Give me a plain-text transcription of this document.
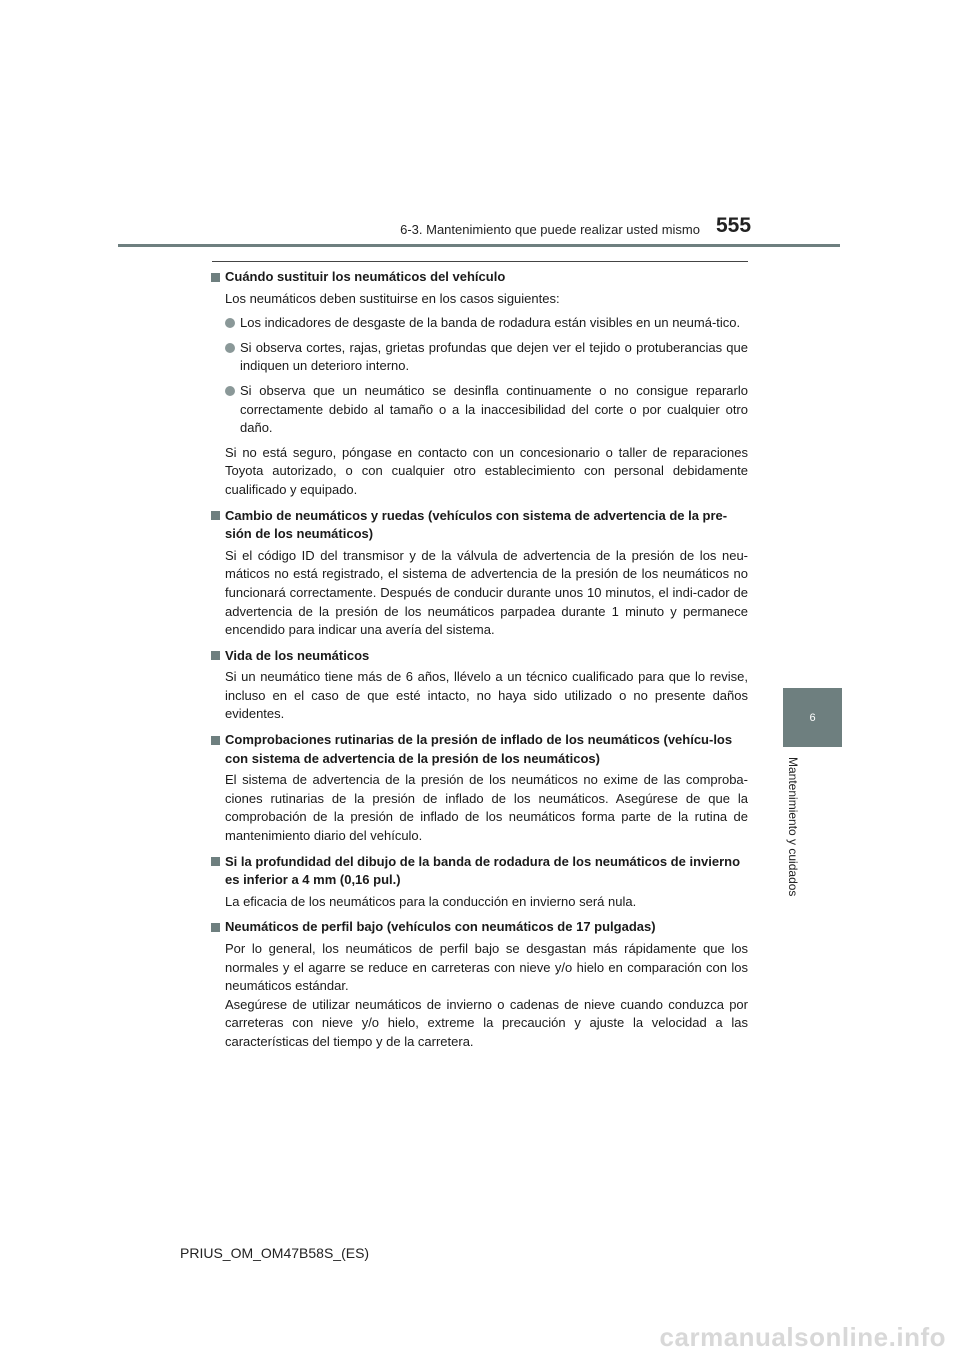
6-3. Mantenimiento que puede realizar usted mismo 555
6
Mantenimiento y cuidados
Cuándo sustituir los neumáticos del vehículo
Los neumáticos deben sustituirse en los casos siguientes:
Los indicadores de desgaste de la banda de rodadura están visibles en un neumá-tico.
Si observa cortes, rajas, grietas profundas que dejen ver el tejido o protuberancias que indiquen un deterioro interno.
Si observa que un neumático se desinfla continuamente o no consigue repararlo correctamente debido al tamaño o a la inaccesibilidad del corte o por cualquier otro daño.
Si no está seguro, póngase en contacto con un concesionario o taller de reparaciones Toyota autorizado, o con cualquier otro establecimiento con personal debidamente cualificado y equipado.
Cambio de neumáticos y ruedas (vehículos con sistema de advertencia de la pre-sión de los neumáticos)
Si el código ID del transmisor y de la válvula de advertencia de la presión de los neu-máticos no está registrado, el sistema de advertencia de la presión de los neumáticos no funcionará correctamente. Después de conducir durante unos 10 minutos, el indi-cador de advertencia de la presión de los neumáticos parpadea durante 1 minuto y permanece encendido para indicar una avería del sistema.
Vida de los neumáticos
Si un neumático tiene más de 6 años, llévelo a un técnico cualificado para que lo revise, incluso en el caso de que esté intacto, no haya sido utilizado o no presente daños evidentes.
Comprobaciones rutinarias de la presión de inflado de los neumáticos (vehícu-los con sistema de advertencia de la presión de los neumáticos)
El sistema de advertencia de la presión de los neumáticos no exime de las comproba-ciones rutinarias de la presión de inflado de los neumáticos. Asegúrese de que la comprobación de la presión de inflado de los neumáticos forma parte de la rutina de mantenimiento diario del vehículo.
Si la profundidad del dibujo de la banda de rodadura de los neumáticos de invierno es inferior a 4 mm (0,16 pul.)
La eficacia de los neumáticos para la conducción en invierno será nula.
Neumáticos de perfil bajo (vehículos con neumáticos de 17 pulgadas)
Por lo general, los neumáticos de perfil bajo se desgastan más rápidamente que los normales y el agarre se reduce en carreteras con nieve y/o hielo en comparación con los neumáticos estándar.
Asegúrese de utilizar neumáticos de invierno o cadenas de nieve cuando conduzca por carreteras con nieve y/o hielo, extreme la precaución y ajuste la velocidad a las características del tiempo y de la carretera.
PRIUS_OM_OM47B58S_(ES)
carmanualsonline.info
